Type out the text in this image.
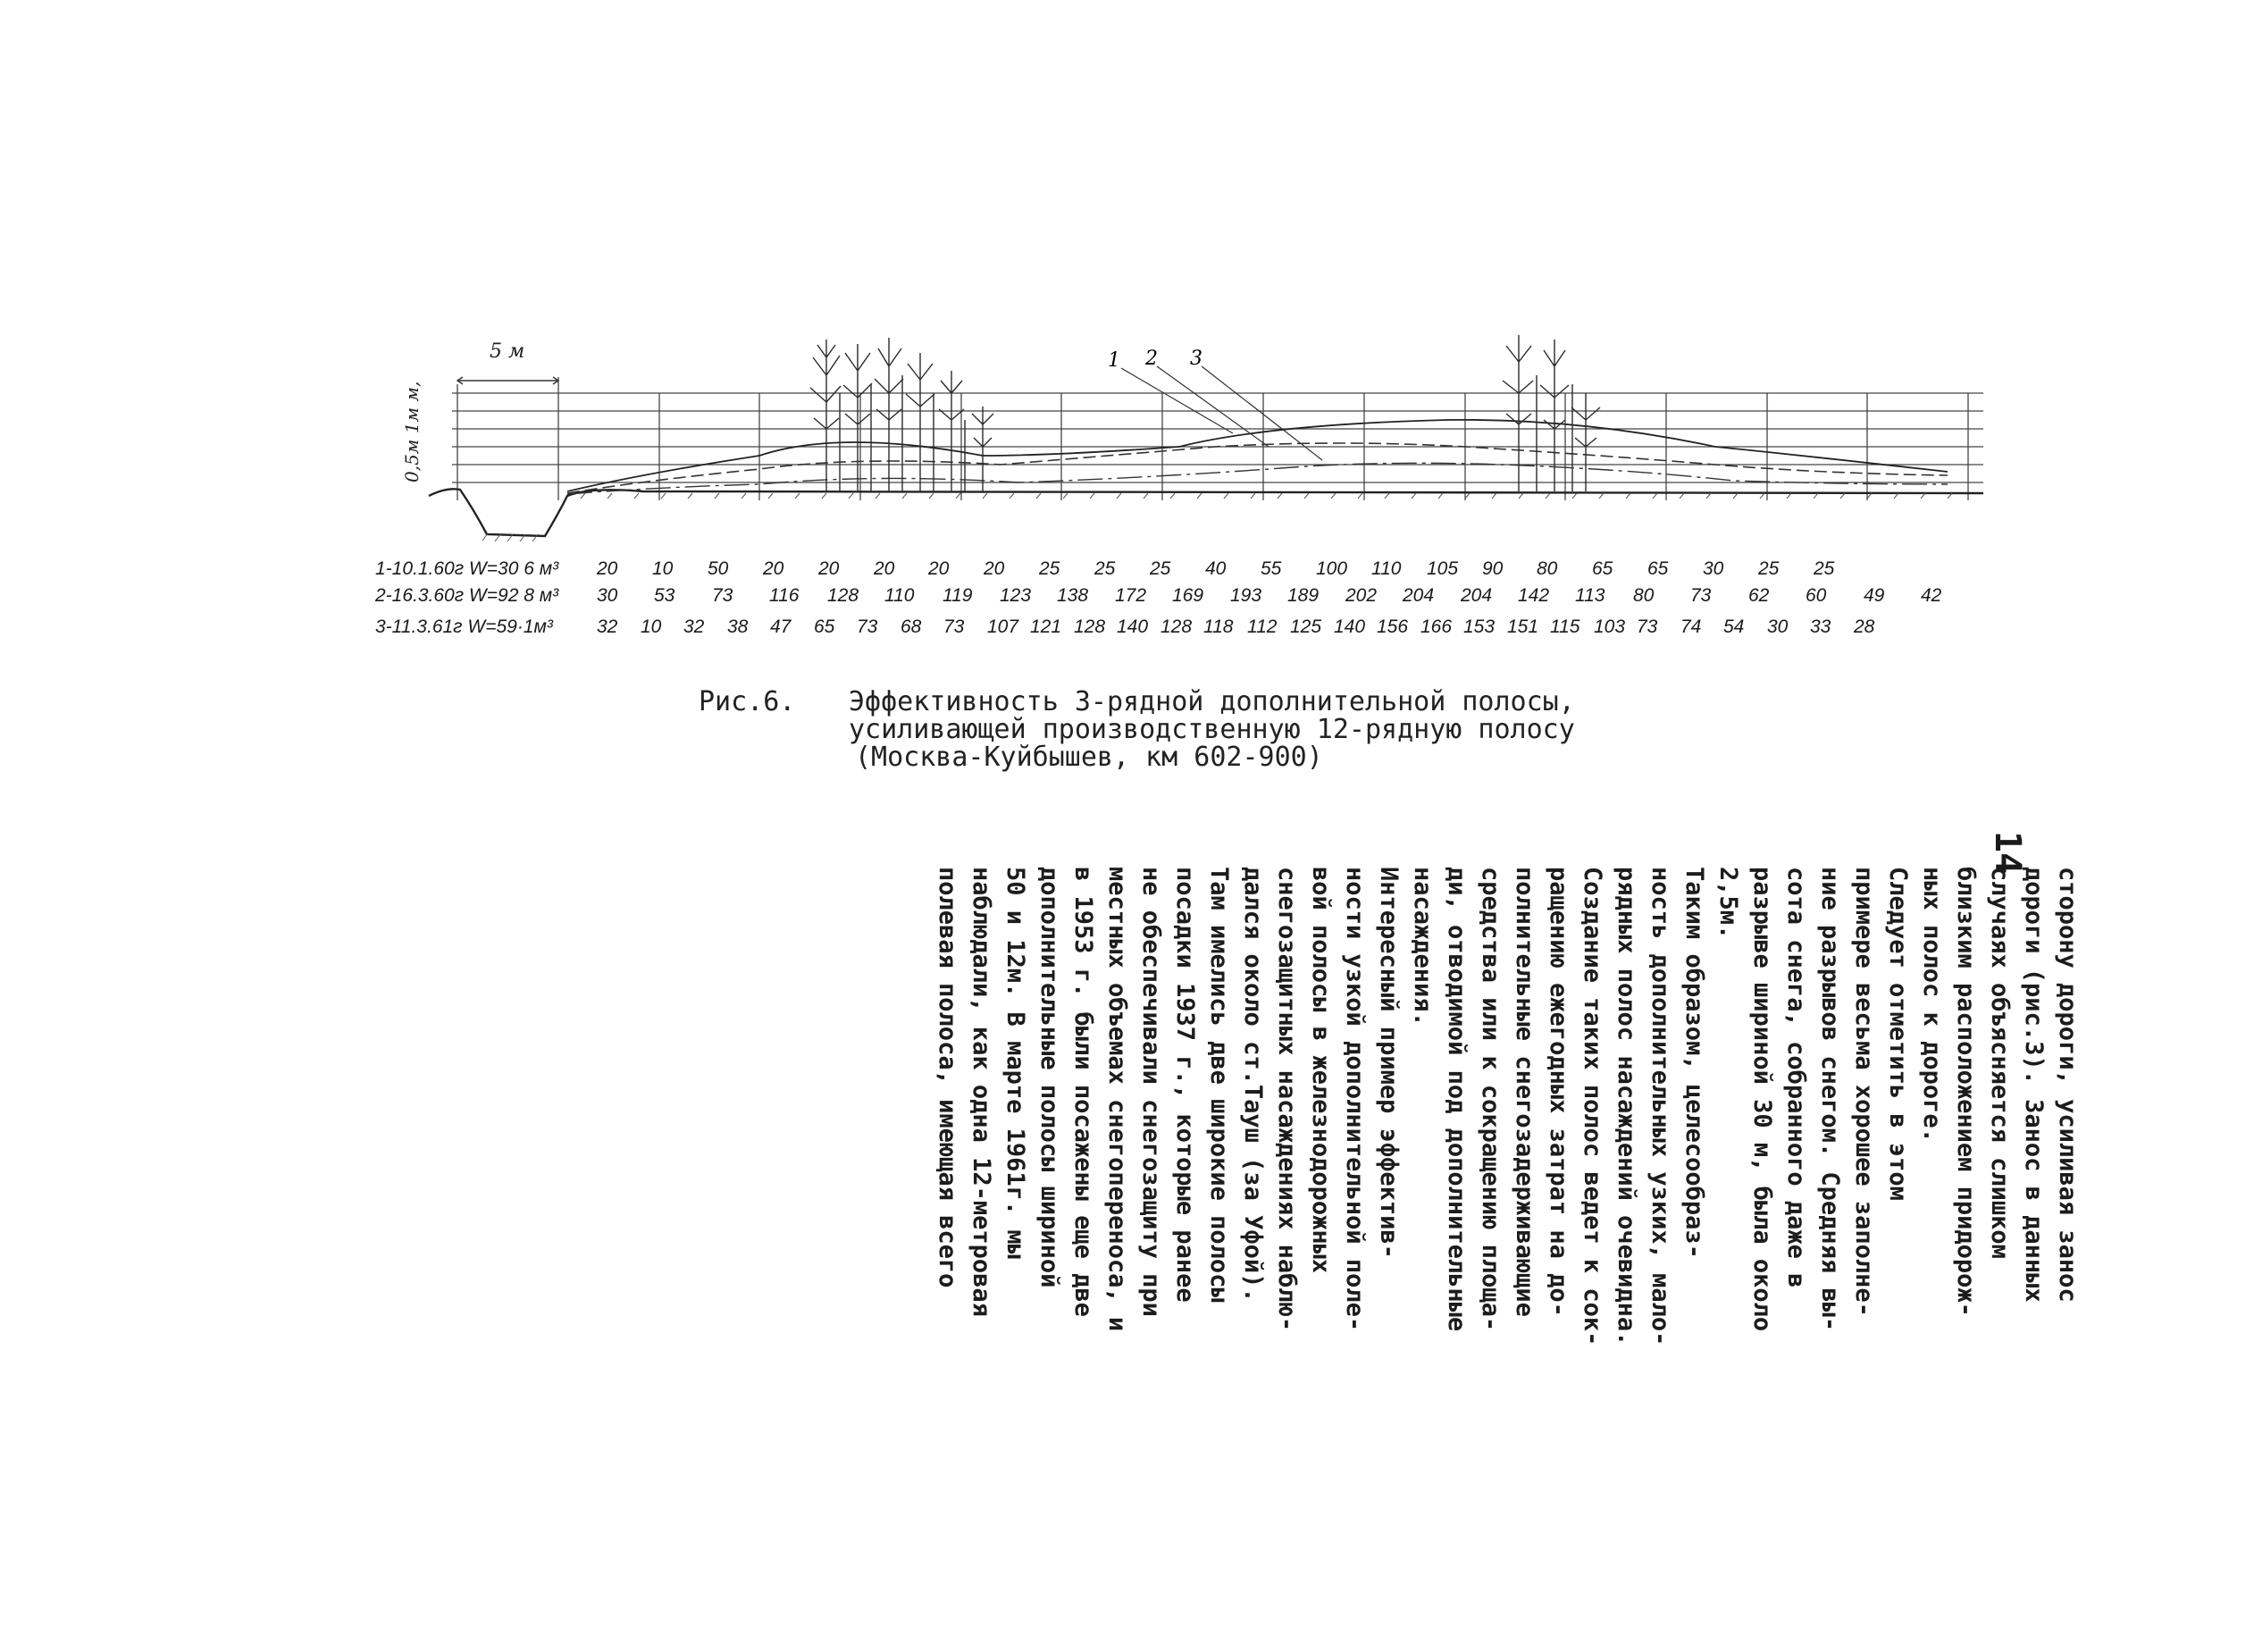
5 м
0,5м 1м м,
1 2 3
1-10.1.60г W=30 6 м³
2-16.3.60г W=92 8 м³
3-11.3.61г W=59·1м³
20 10 50 20 20 20 20 20 25 25 25 40 55 100 110 105 90 80 65 65 30 25 25
30 53 73 116 128 110 119 123 138 172 169 193 189 202 204 204 142 113 80 73 62 60 49 42
32 10 32 38 47 65 73 68 73 107 121 128 140 128 118 112 125 140 156 166 153 151 115 103 73 74 54 30 33 28
Рис.6. Эффективность 3-рядной дополнительной полосы,
усиливающей производственную 12-рядную полосу
(Москва-Куйбышев, км 602-900)
14
сторону дороги, усиливая занос
дороги (рис.3). Занос в данных
случаях объясняется слишком
близким расположением придорож-
ных полос к дороге.
Следует отметить в этом
примере весьма хорошее заполне-
ние разрывов снегом. Средняя вы-
сота снега, собранного даже в
разрыве шириной 30 м, была около
2,5м.
Таким образом, целесообраз-
ность дополнительных узких, мало-
рядных полос насаждений очевидна.
Создание таких полос ведет к сок-
ращению ежегодных затрат на до-
полнительные снегозадерживающие
средства или к сокращению площа-
ди, отводимой под дополнительные
насаждения.
Интересный пример эффектив-
ности узкой дополнительной поле-
вой полосы в железнодорожных
снегозащитных насаждениях наблю-
дался около ст.Тауш (за Уфой).
Там имелись две широкие полосы
посадки 1937 г., которые ранее
не обеспечивали снегозащиту при
местных объемах снегопереноса, и
в 1953 г. были посажены еще две
дополнительные полосы шириной
50 и 12м. В марте 1961г. мы
наблюдали, как одна 12-метровая
полевая полоса, имеющая всего
